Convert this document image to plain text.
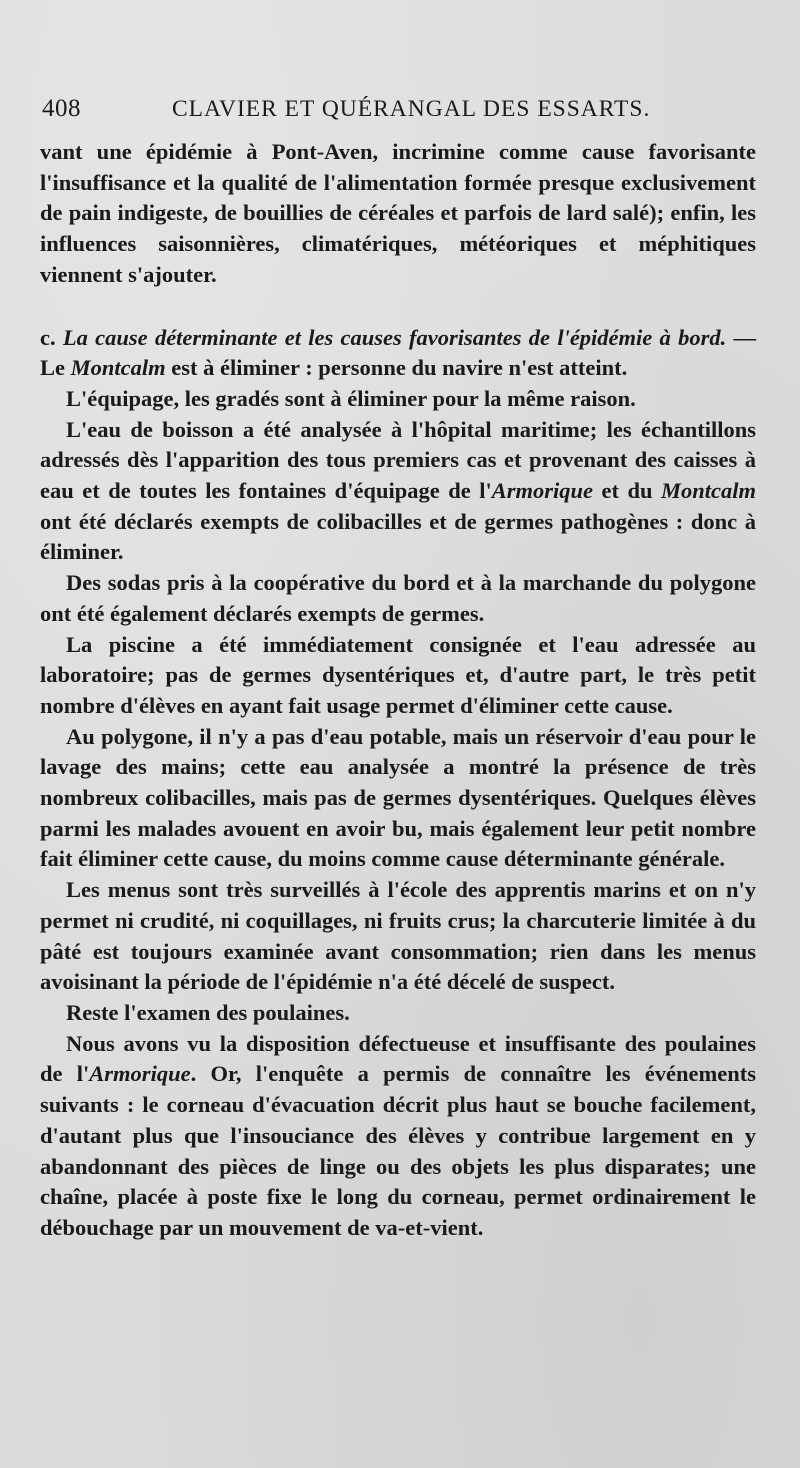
408	CLAVIER ET QUÉRANGAL DES ESSARTS.

vant une épidémie à Pont-Aven, incrimine comme cause favorisante l'insuffisance et la qualité de l'alimentation formée presque exclusivement de pain indigeste, de bouillies de céréales et parfois de lard salé); enfin, les influences saisonnières, climatériques, météoriques et méphitiques viennent s'ajouter.

c. La cause déterminante et les causes favorisantes de l'épidémie à bord. — Le Montcalm est à éliminer : personne du navire n'est atteint.

L'équipage, les gradés sont à éliminer pour la même raison.

L'eau de boisson a été analysée à l'hôpital maritime; les échantillons adressés dès l'apparition des tous premiers cas et provenant des caisses à eau et de toutes les fontaines d'équipage de l'Armorique et du Montcalm ont été déclarés exempts de colibacilles et de germes pathogènes : donc à éliminer.

Des sodas pris à la coopérative du bord et à la marchande du polygone ont été également déclarés exempts de germes.

La piscine a été immédiatement consignée et l'eau adressée au laboratoire; pas de germes dysentériques et, d'autre part, le très petit nombre d'élèves en ayant fait usage permet d'éliminer cette cause.

Au polygone, il n'y a pas d'eau potable, mais un réservoir d'eau pour le lavage des mains; cette eau analysée a montré la présence de très nombreux colibacilles, mais pas de germes dysentériques. Quelques élèves parmi les malades avouent en avoir bu, mais également leur petit nombre fait éliminer cette cause, du moins comme cause déterminante générale.

Les menus sont très surveillés à l'école des apprentis marins et on n'y permet ni crudité, ni coquillages, ni fruits crus; la charcuterie limitée à du pâté est toujours examinée avant consommation; rien dans les menus avoisinant la période de l'épidémie n'a été décelé de suspect.

Reste l'examen des poulaines.

Nous avons vu la disposition défectueuse et insuffisante des poulaines de l'Armorique. Or, l'enquête a permis de connaître les événements suivants : le corneau d'évacuation décrit plus haut se bouche facilement, d'autant plus que l'insouciance des élèves y contribue largement en y abandonnant des pièces de linge ou des objets les plus disparates; une chaîne, placée à poste fixe le long du corneau, permet ordinairement le débouchage par un mouvement de va-et-vient.
